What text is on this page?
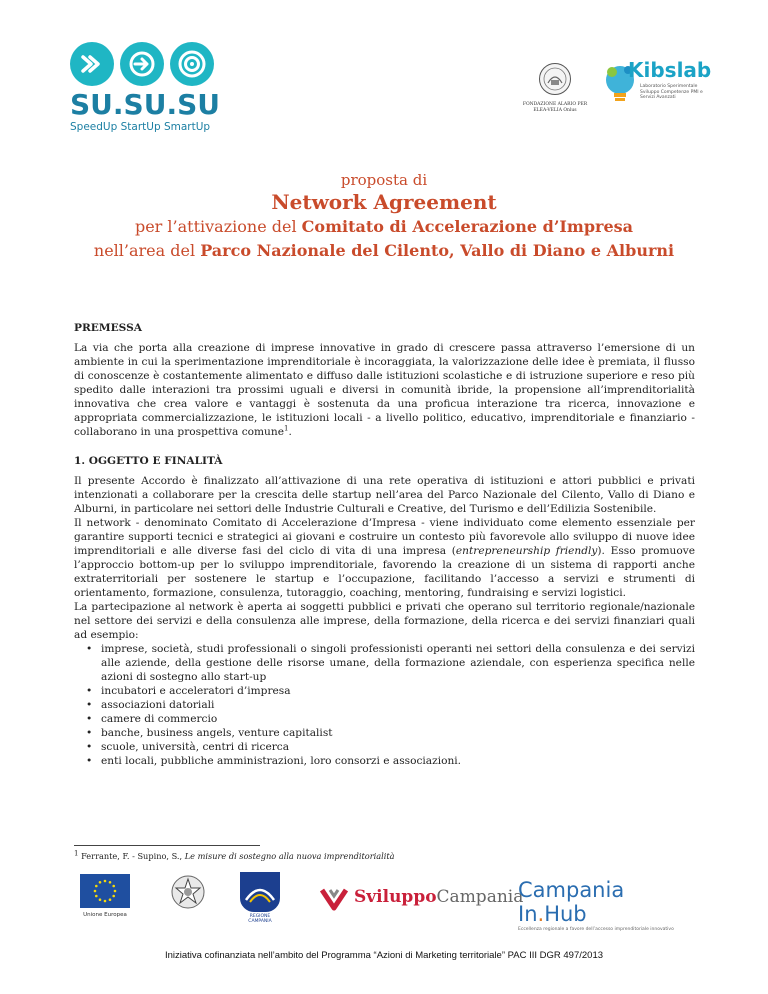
SU.SU.SU
SpeedUp StartUp SmartUp
FONDAZIONE ALARIO PER ELEA-VELIA Onlus
Kibslab
Laboratorio Sperimentale Sviluppo Competenze PMI e Servizi Avanzati
proposta di
Network Agreement
per l’attivazione del Comitato di Accelerazione d’Impresa
nell’area del Parco Nazionale del Cilento, Vallo di Diano e Alburni
PREMESSA
La via che porta alla creazione di imprese innovative in grado di crescere passa attraverso l’emersione di un ambiente in cui la sperimentazione imprenditoriale è incoraggiata, la valorizzazione delle idee è premiata, il flusso di conoscenze è costantemente alimentato e diffuso dalle istituzioni scolastiche e di istruzione superiore e reso più spedito dalle interazioni tra prossimi uguali e diversi in comunità ibride, la propensione all’imprenditorialità innovativa che crea valore e vantaggi è sostenuta da una proficua interazione tra ricerca, innovazione e appropriata commercializzazione, le istituzioni locali - a livello politico, educativo, imprenditoriale e finanziario - collaborano in una prospettiva comune$^1$.
1. OGGETTO E FINALITÀ
Il presente Accordo è finalizzato all’attivazione di una rete operativa di istituzioni e attori pubblici e privati intenzionati a collaborare per la crescita delle startup nell’area del Parco Nazionale del Cilento, Vallo di Diano e Alburni, in particolare nei settori delle Industrie Culturali e Creative, del Turismo e dell’Edilizia Sostenibile.
Il network - denominato Comitato di Accelerazione d’Impresa - viene individuato come elemento essenziale per garantire supporti tecnici e strategici ai giovani e costruire un contesto più favorevole allo sviluppo di nuove idee imprenditoriali e alle diverse fasi del ciclo di vita di una impresa (entrepreneurship friendly). Esso promuove l’approccio bottom-up per lo sviluppo imprenditoriale, favorendo la creazione di un sistema di rapporti anche extraterritoriali per sostenere le startup e l’occupazione, facilitando l’accesso a servizi e strumenti di orientamento, formazione, consulenza, tutoraggio, coaching, mentoring, fundraising e servizi logistici.
La partecipazione al network è aperta ai soggetti pubblici e privati che operano sul territorio regionale/nazionale nel settore dei servizi e della consulenza alle imprese, della formazione, della ricerca e dei servizi finanziari quali ad esempio:
• imprese, società, studi professionali o singoli professionisti operanti nei settori della consulenza e dei servizi alle aziende, della gestione delle risorse umane, della formazione aziendale, con esperienza specifica nelle azioni di sostegno allo start-up
• incubatori e acceleratori d’impresa
• associazioni datoriali
• camere di commercio
• banche, business angels, venture capitalist
• scuole, università, centri di ricerca
• enti locali, pubbliche amministrazioni, loro consorzi e associazioni.
$^1$ Ferrante, F. - Supino, S., Le misure di sostegno alla nuova imprenditorialità
Unione Europea	REGIONE CAMPANIA
SviluppoCampania
Campania In.Hub
Eccellenza regionale a favore dell’accesso imprenditoriale innovativo
Iniziativa cofinanziata nell’ambito del Programma “Azioni di Marketing territoriale” PAC III DGR 497/2013
